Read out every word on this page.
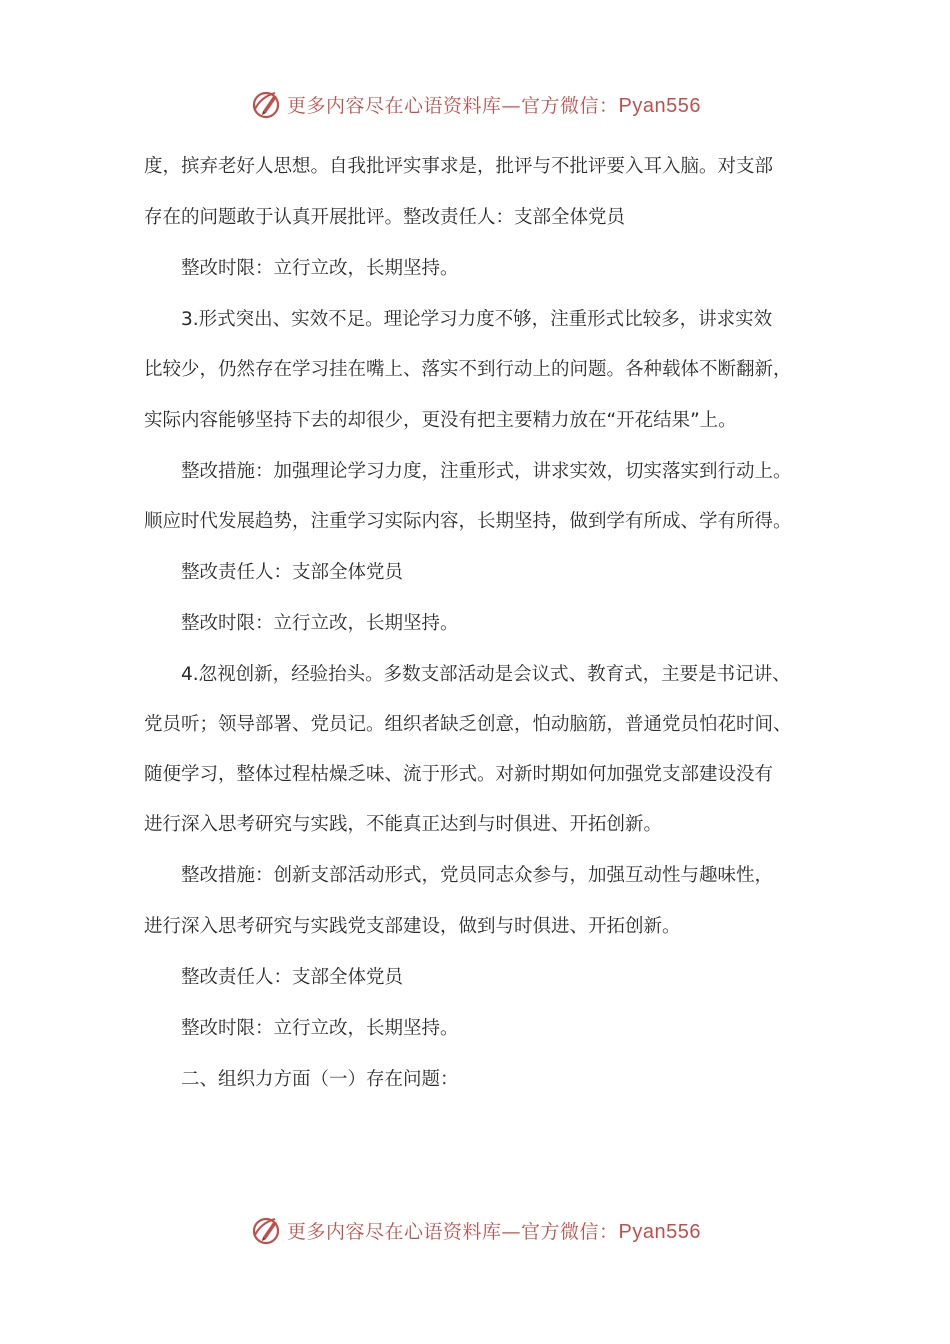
更多内容尽在心语资料库—官方微信：Pyan556
度，摈弃老好人思想。自我批评实事求是，批评与不批评要入耳入脑。对支部
存在的问题敢于认真开展批评。整改责任人：支部全体党员
整改时限：立行立改，长期坚持。
3.形式突出、实效不足。理论学习力度不够，注重形式比较多，讲求实效
比较少，仍然存在学习挂在嘴上、落实不到行动上的问题。各种载体不断翻新，
实际内容能够坚持下去的却很少，更没有把主要精力放在“开花结果”上。
整改措施：加强理论学习力度，注重形式，讲求实效，切实落实到行动上。
顺应时代发展趋势，注重学习实际内容，长期坚持，做到学有所成、学有所得。
整改责任人：支部全体党员
整改时限：立行立改，长期坚持。
4.忽视创新，经验抬头。多数支部活动是会议式、教育式，主要是书记讲、
党员听；领导部署、党员记。组织者缺乏创意，怕动脑筋，普通党员怕花时间、
随便学习，整体过程枯燥乏味、流于形式。对新时期如何加强党支部建设没有
进行深入思考研究与实践，不能真正达到与时俱进、开拓创新。
整改措施：创新支部活动形式，党员同志众参与，加强互动性与趣味性，
进行深入思考研究与实践党支部建设，做到与时俱进、开拓创新。
整改责任人：支部全体党员
整改时限：立行立改，长期坚持。
二、组织力方面（一）存在问题：
更多内容尽在心语资料库—官方微信：Pyan556
